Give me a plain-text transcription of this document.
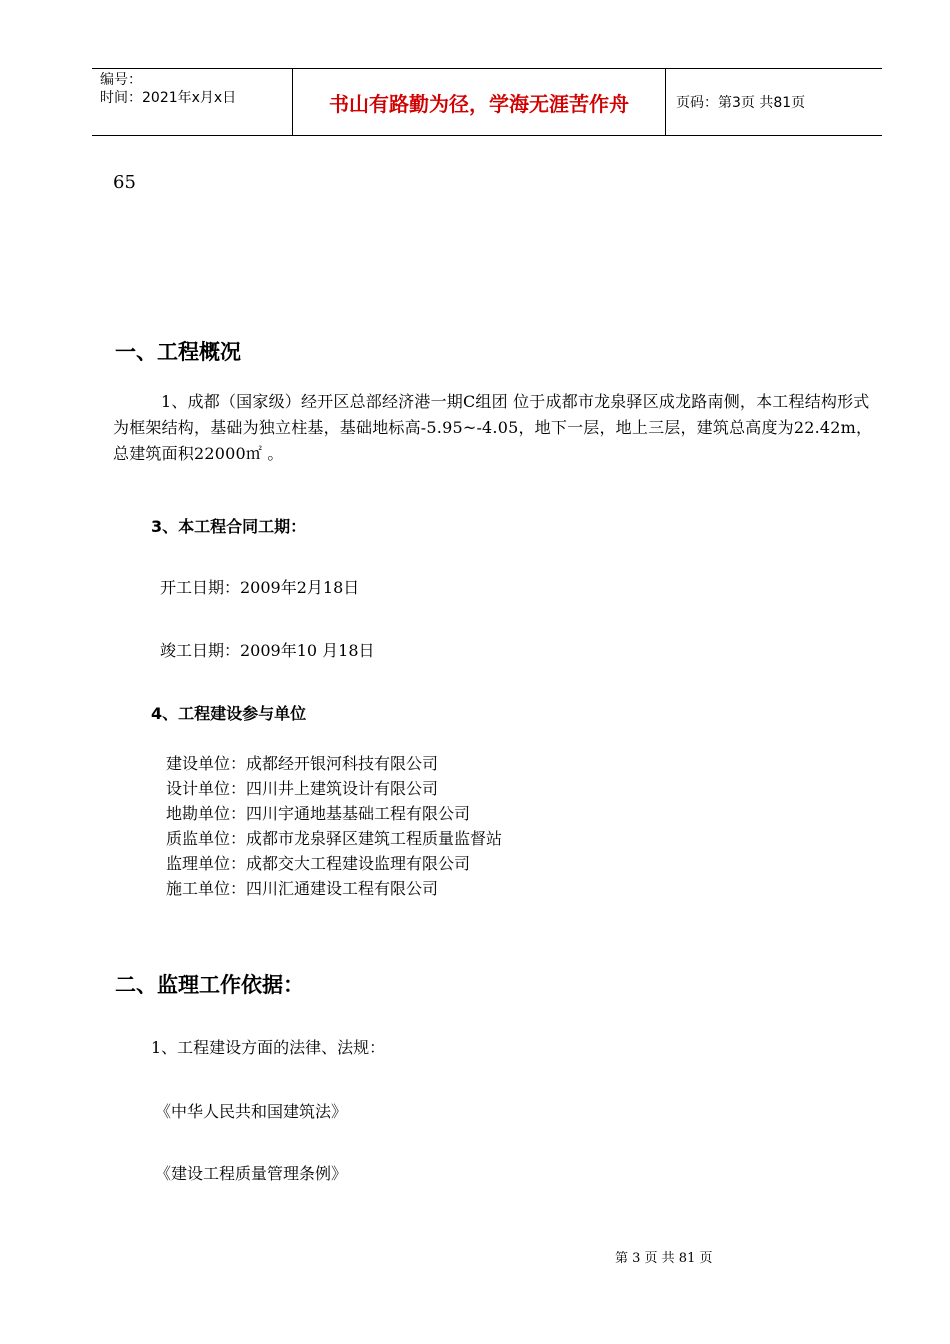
编号：
时间：2021年x月x日	书山有路勤为径，学海无涯苦作舟	页码：第3页 共81页
65
一、工程概况
1、成都（国家级）经开区总部经济港一期C组团 位于成都市龙泉驿区成龙路南侧，本工程结构形式为框架结构，基础为独立柱基，基础地标高-5.95~-4.05，地下一层，地上三层，建筑总高度为22.42m，总建筑面积22000㎡ 。
3、本工程合同工期：
开工日期：2009年2月18日
竣工日期：2009年10 月18日
4、工程建设参与单位
建设单位：成都经开银河科技有限公司
设计单位：四川井上建筑设计有限公司
地勘单位：四川宇通地基基础工程有限公司
质监单位：成都市龙泉驿区建筑工程质量监督站
监理单位：成都交大工程建设监理有限公司
施工单位：四川汇通建设工程有限公司
二、监理工作依据：
1、工程建设方面的法律、法规：
《中华人民共和国建筑法》
《建设工程质量管理条例》
第 3 页 共 81 页
